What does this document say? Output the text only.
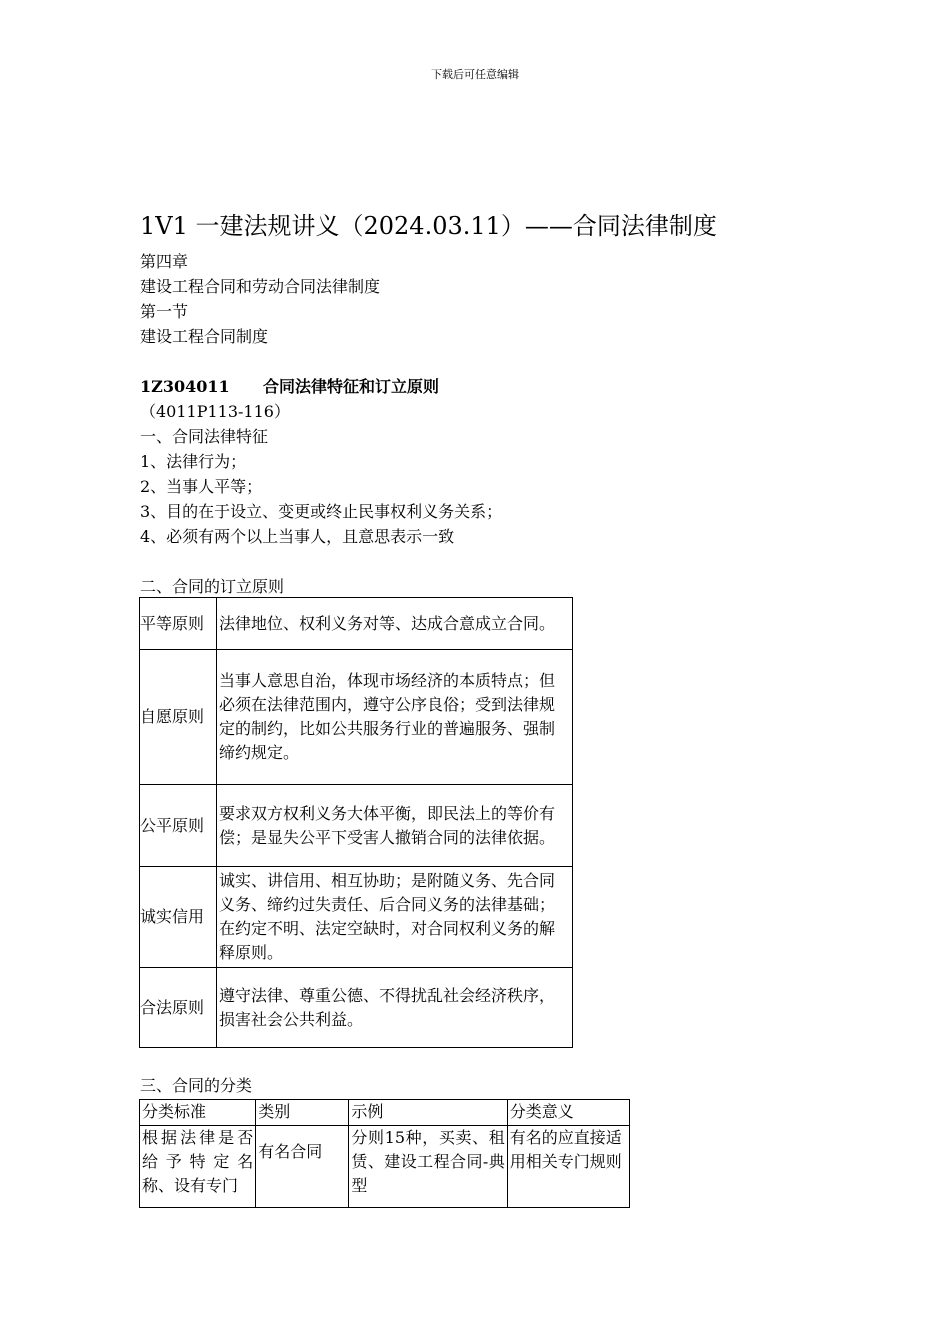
下载后可任意编辑
1V1 一建法规讲义（2024.03.11）——合同法律制度
第四章
建设工程合同和劳动合同法律制度
第一节
建设工程合同制度
1Z304011      合同法律特征和订立原则
（4011P113-116）
一、合同法律特征
1、法律行为；
2、当事人平等；
3、目的在于设立、变更或终止民事权利义务关系；
4、必须有两个以上当事人，且意思表示一致

二、合同的订立原则
平等原则	法律地位、权利义务对等、达成合意成立合同。
自愿原则	当事人意思自治，体现市场经济的本质特点；但必须在法律范围内，遵守公序良俗；受到法律规定的制约，比如公共服务行业的普遍服务、强制缔约规定。
公平原则	要求双方权利义务大体平衡，即民法上的等价有偿；是显失公平下受害人撤销合同的法律依据。
诚实信用	诚实、讲信用、相互协助；是附随义务、先合同义务、缔约过失责任、后合同义务的法律基础；在约定不明、法定空缺时，对合同权利义务的解释原则。
合法原则	遵守法律、尊重公德、不得扰乱社会经济秩序，损害社会公共利益。
三、合同的分类
分类标准	类别	示例	分类意义
根据法律是否给予特定名称、设有专门	有名合同	分则15种，买卖、租赁、建设工程合同-典型	有名的应直接适用相关专门规则
